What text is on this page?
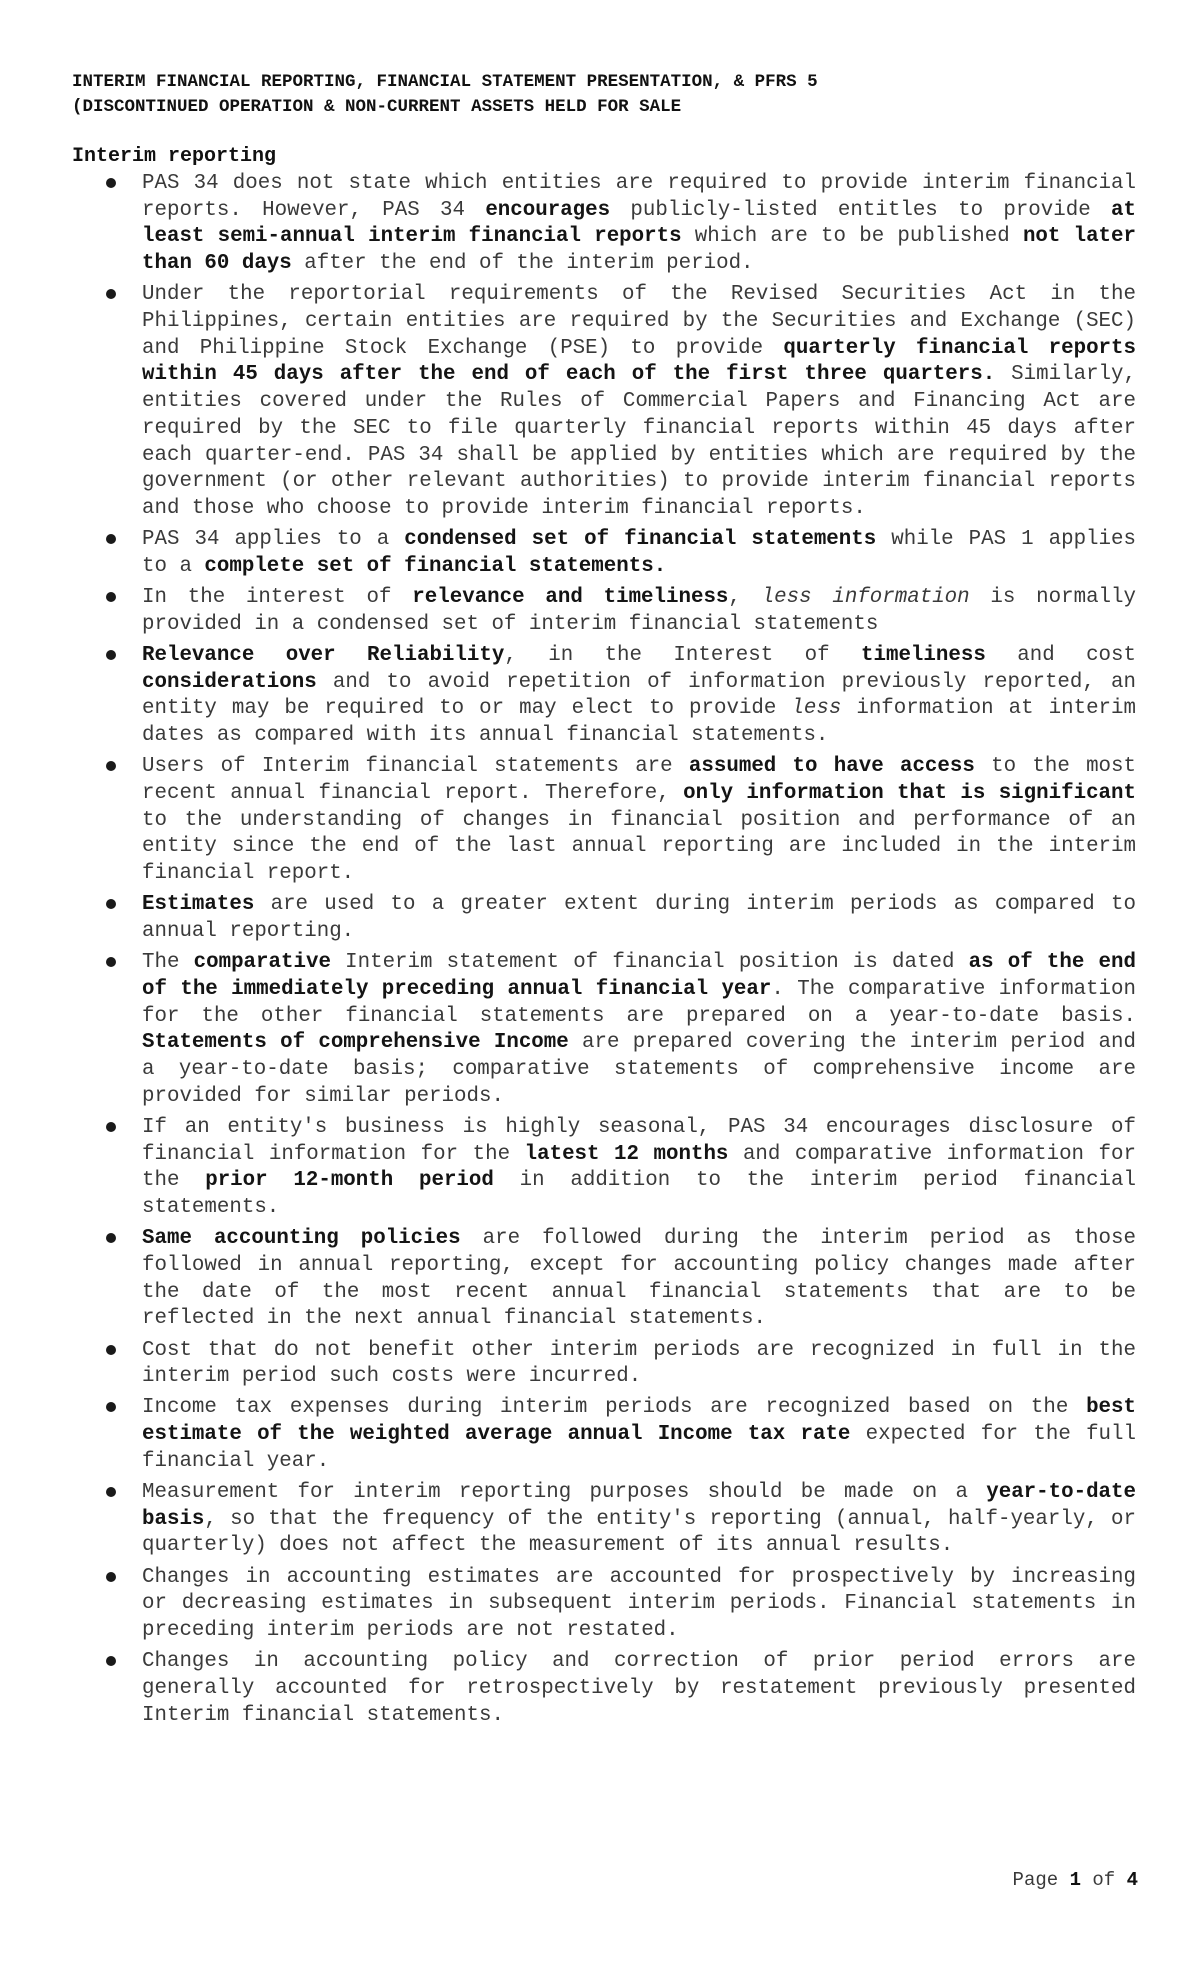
INTERIM FINANCIAL REPORTING, FINANCIAL STATEMENT PRESENTATION, & PFRS 5
(DISCONTINUED OPERATION & NON-CURRENT ASSETS HELD FOR SALE
Interim reporting
PAS 34 does not state which entities are required to provide interim financial reports. However, PAS 34 encourages publicly-listed entitles to provide at least semi-annual interim financial reports which are to be published not later than 60 days after the end of the interim period.
Under the reportorial requirements of the Revised Securities Act in the Philippines, certain entities are required by the Securities and Exchange (SEC) and Philippine Stock Exchange (PSE) to provide quarterly financial reports within 45 days after the end of each of the first three quarters. Similarly, entities covered under the Rules of Commercial Papers and Financing Act are required by the SEC to file quarterly financial reports within 45 days after each quarter-end. PAS 34 shall be applied by entities which are required by the government (or other relevant authorities) to provide interim financial reports and those who choose to provide interim financial reports.
PAS 34 applies to a condensed set of financial statements while PAS 1 applies to a complete set of financial statements.
In the interest of relevance and timeliness, less information is normally provided in a condensed set of interim financial statements
Relevance over Reliability, in the Interest of timeliness and cost considerations and to avoid repetition of information previously reported, an entity may be required to or may elect to provide less information at interim dates as compared with its annual financial statements.
Users of Interim financial statements are assumed to have access to the most recent annual financial report. Therefore, only information that is significant to the understanding of changes in financial position and performance of an entity since the end of the last annual reporting are included in the interim financial report.
Estimates are used to a greater extent during interim periods as compared to annual reporting.
The comparative Interim statement of financial position is dated as of the end of the immediately preceding annual financial year. The comparative information for the other financial statements are prepared on a year-to-date basis. Statements of comprehensive Income are prepared covering the interim period and a year-to-date basis; comparative statements of comprehensive income are provided for similar periods.
If an entity's business is highly seasonal, PAS 34 encourages disclosure of financial information for the latest 12 months and comparative information for the prior 12-month period in addition to the interim period financial statements.
Same accounting policies are followed during the interim period as those followed in annual reporting, except for accounting policy changes made after the date of the most recent annual financial statements that are to be reflected in the next annual financial statements.
Cost that do not benefit other interim periods are recognized in full in the interim period such costs were incurred.
Income tax expenses during interim periods are recognized based on the best estimate of the weighted average annual Income tax rate expected for the full financial year.
Measurement for interim reporting purposes should be made on a year-to-date basis, so that the frequency of the entity's reporting (annual, half-yearly, or quarterly) does not affect the measurement of its annual results.
Changes in accounting estimates are accounted for prospectively by increasing or decreasing estimates in subsequent interim periods. Financial statements in preceding interim periods are not restated.
Changes in accounting policy and correction of prior period errors are generally accounted for retrospectively by restatement previously presented Interim financial statements.
Page 1 of 4
